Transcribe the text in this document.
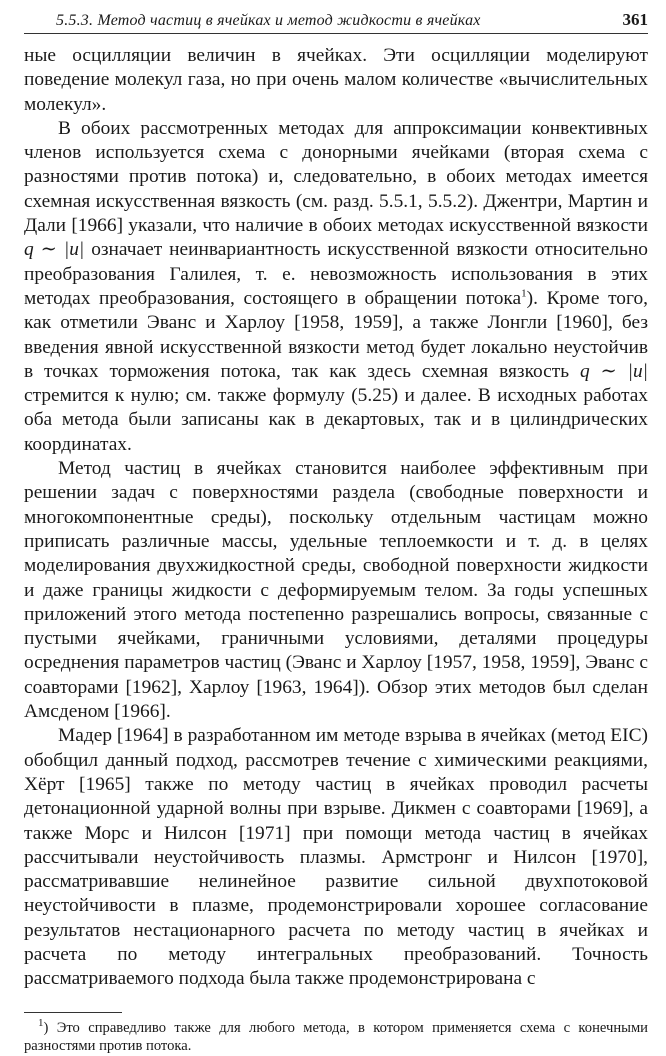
5.5.3. Метод частиц в ячейках и метод жидкости в ячейках	361

ные осцилляции величин в ячейках. Эти осцилляции моделируют поведение молекул газа, но при очень малом количестве «вычислительных молекул».

В обоих рассмотренных методах для аппроксимации конвективных членов используется схема с донорными ячейками (вторая схема с разностями против потока) и, следовательно, в обоих методах имеется схемная искусственная вязкость (см. разд. 5.5.1, 5.5.2). Джентри, Мартин и Дали [1966] указали, что наличие в обоих методах искусственной вязкости q ∼ |u| означает неинвариантность искусственной вязкости относительно преобразования Галилея, т. е. невозможность использования в этих методах преобразования, состоящего в обращении потока$^1$). Кроме того, как отметили Эванс и Харлоу [1958, 1959], а также Лонгли [1960], без введения явной искусственной вязкости метод будет локально неустойчив в точках торможения потока, так как здесь схемная вязкость q ∼ |u| стремится к нулю; см. также формулу (5.25) и далее. В исходных работах оба метода были записаны как в декартовых, так и в цилиндрических координатах.

Метод частиц в ячейках становится наиболее эффективным при решении задач с поверхностями раздела (свободные поверхности и многокомпонентные среды), поскольку отдельным частицам можно приписать различные массы, удельные теплоемкости и т. д. в целях моделирования двухжидкостной среды, свободной поверхности жидкости и даже границы жидкости с деформируемым телом. За годы успешных приложений этого метода постепенно разрешались вопросы, связанные с пустыми ячейками, граничными условиями, деталями процедуры осреднения параметров частиц (Эванс и Харлоу [1957, 1958, 1959], Эванс с соавторами [1962], Харлоу [1963, 1964]). Обзор этих методов был сделан Амсденом [1966].

Мадер [1964] в разработанном им методе взрыва в ячейках (метод EIC) обобщил данный подход, рассмотрев течение с химическими реакциями, Хёрт [1965] также по методу частиц в ячейках проводил расчеты детонационной ударной волны при взрыве. Дикмен с соавторами [1969], а также Морс и Нилсон [1971] при помощи метода частиц в ячейках рассчитывали неустойчивость плазмы. Армстронг и Нилсон [1970], рассматривавшие нелинейное развитие сильной двухпотоковой неустойчивости в плазме, продемонстрировали хорошее согласование результатов нестационарного расчета по методу частиц в ячейках и расчета по методу интегральных преобразований. Точность рассматриваемого подхода была также продемонстрирована с

$^1$) Это справедливо также для любого метода, в котором применяется схема с конечными разностями против потока.
